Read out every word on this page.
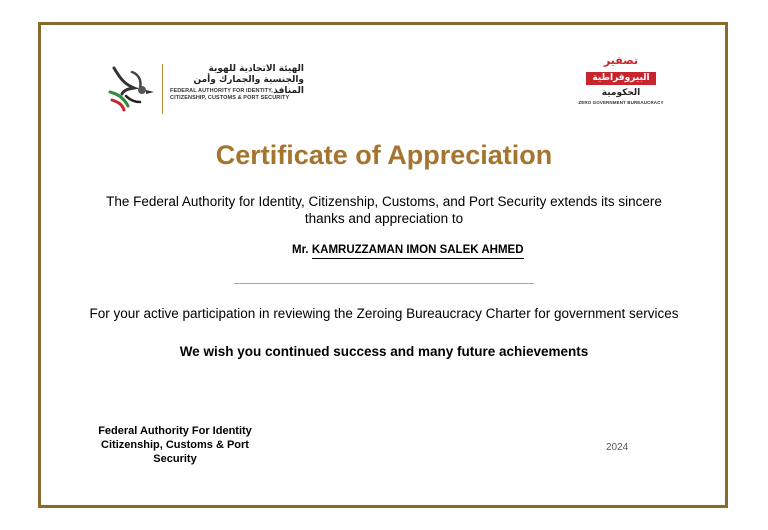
الهيئة الاتحادية للهوية
والجنسية والجمارك وأمن المنافذ
FEDERAL AUTHORITY FOR IDENTITY,
CITIZENSHIP, CUSTOMS & PORT SECURITY
تصفير
البيروقراطية
الحكومية
ZERO GOVERNMENT BUREAUCRACY
Certificate of Appreciation
The Federal Authority for Identity, Citizenship, Customs, and Port Security extends its sincere
thanks and appreciation to
Mr. KAMRUZZAMAN IMON SALEK AHMED
For your active participation in reviewing the Zeroing Bureaucracy Charter for government services
We wish you continued success and many future achievements
Federal Authority For Identity
Citizenship, Customs & Port
Security
2024
